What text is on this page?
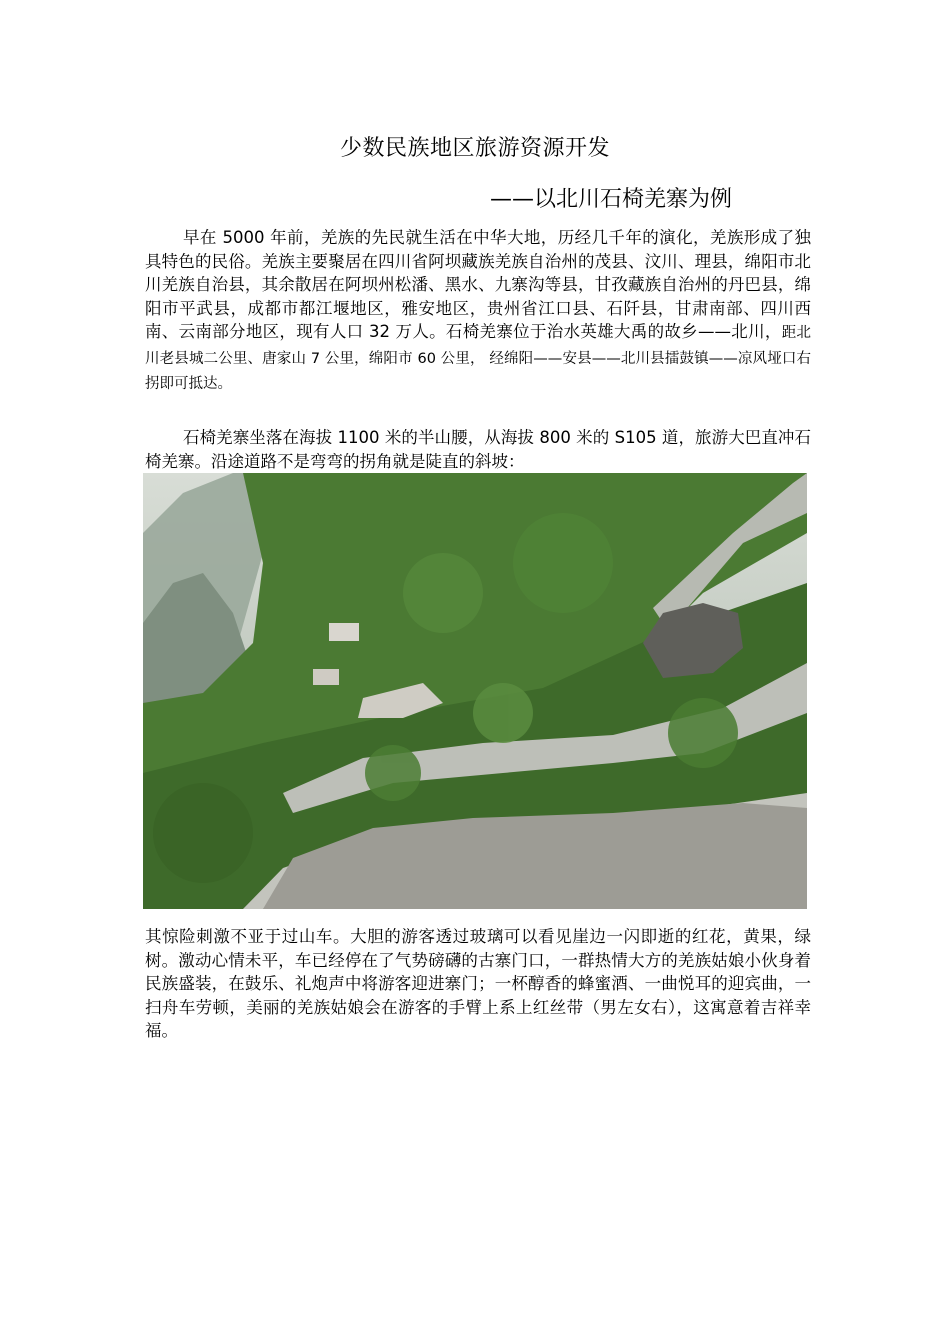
少数民族地区旅游资源开发
——以北川石椅羌寨为例
早在 5000 年前，羌族的先民就生活在中华大地，历经几千年的演化，羌族形成了独具特色的民俗。羌族主要聚居在四川省阿坝藏族羌族自治州的茂县、汶川、理县，绵阳市北川羌族自治县，其余散居在阿坝州松潘、黑水、九寨沟等县，甘孜藏族自治州的丹巴县，绵阳市平武县，成都市都江堰地区，雅安地区，贵州省江口县、石阡县，甘肃南部、四川西南、云南部分地区，现有人口 32 万人。石椅羌寨位于治水英雄大禹的故乡——北川，距北川老县城二公里、唐家山 7 公里，绵阳市 60 公里， 经绵阳——安县——北川县擂鼓镇——凉风垭口右拐即可抵达。
石椅羌寨坐落在海拔 1100 米的半山腰，从海拔 800 米的 S105 道，旅游大巴直冲石椅羌寨。沿途道路不是弯弯的拐角就是陡直的斜坡：
其惊险刺激不亚于过山车。大胆的游客透过玻璃可以看见崖边一闪即逝的红花，黄果，绿树。激动心情未平，车已经停在了气势磅礴的古寨门口，一群热情大方的羌族姑娘小伙身着民族盛装，在鼓乐、礼炮声中将游客迎进寨门；一杯醇香的蜂蜜酒、一曲悦耳的迎宾曲，一扫舟车劳顿，美丽的羌族姑娘会在游客的手臂上系上红丝带（男左女右），这寓意着吉祥幸福。
